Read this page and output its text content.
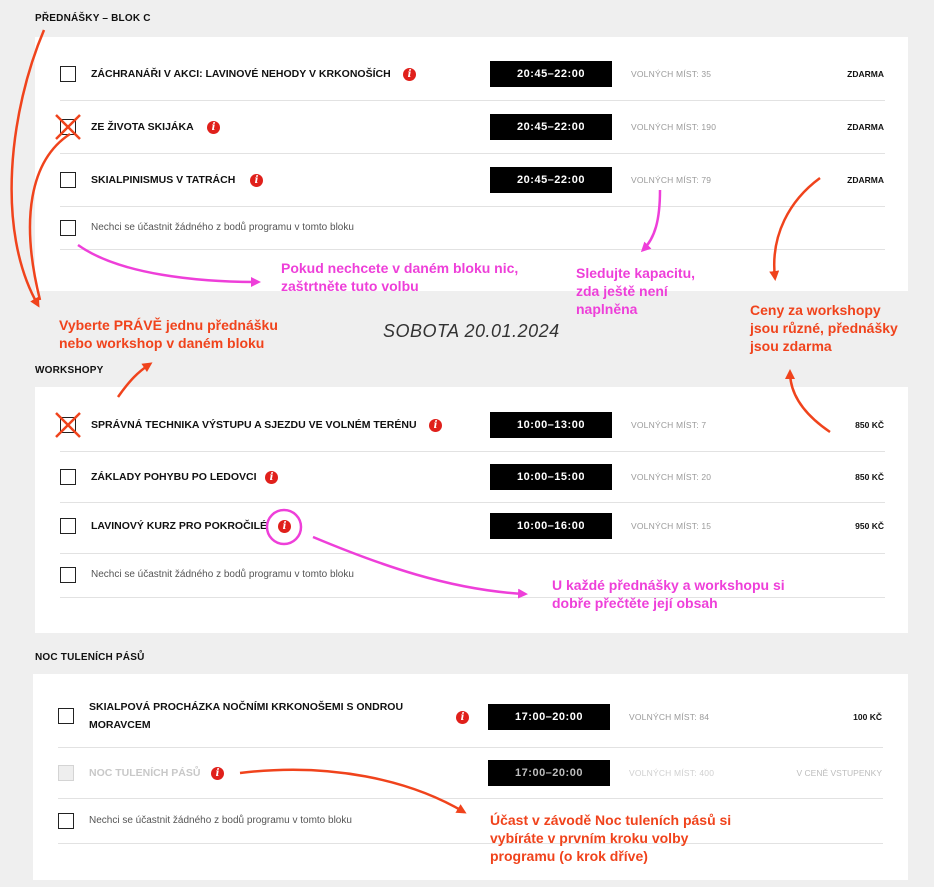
PŘEDNÁŠKY – BLOK C
ZÁCHRANÁŘI V AKCI: LAVINOVÉ NEHODY V KRKONOŠÍCH	i	20:45–22:00	VOLNÝCH MÍST: 35	ZDARMA
ZE ŽIVOTA SKIJÁKA	i	20:45–22:00	VOLNÝCH MÍST: 190	ZDARMA
SKIALPINISMUS V TATRÁCH	i	20:45–22:00	VOLNÝCH MÍST: 79	ZDARMA
Nechci se účastnit žádného z bodů programu v tomto bloku
WORKSHOPY
SPRÁVNÁ TECHNIKA VÝSTUPU A SJEZDU VE VOLNÉM TERÉNU	i	10:00–13:00	VOLNÝCH MÍST: 7	850 KČ
ZÁKLADY POHYBU PO LEDOVCI	i	10:00–15:00	VOLNÝCH MÍST: 20	850 KČ
LAVINOVÝ KURZ PRO POKROČILÉ	i	10:00–16:00	VOLNÝCH MÍST: 15	950 KČ
Nechci se účastnit žádného z bodů programu v tomto bloku
NOC TULENÍCH PÁSŮ
SKIALPOVÁ PROCHÁZKA NOČNÍMI KRKONOŠEMI S ONDROU
MORAVCEM
i	17:00–20:00	VOLNÝCH MÍST: 84	100 KČ
NOC TULENÍCH PÁSŮ	i	17:00–20:00	VOLNÝCH MÍST: 400	V CENĚ VSTUPENKY
Nechci se účastnit žádného z bodů programu v tomto bloku
SOBOTA 20.01.2024
Vyberte PRÁVĚ jednu přednášku
nebo workshop v daném bloku
Pokud nechcete v daném bloku nic,
zaštrtněte tuto volbu
Sledujte kapacitu,
zda ještě není
naplněna	Ceny za workshopy
jsou různé, přednášky
jsou zdarma
U každé přednášky a workshopu si
dobře přečtěte její obsah
Účast v závodě Noc tuleních pásů si
vybíráte v prvním kroku volby
programu (o krok dříve)
